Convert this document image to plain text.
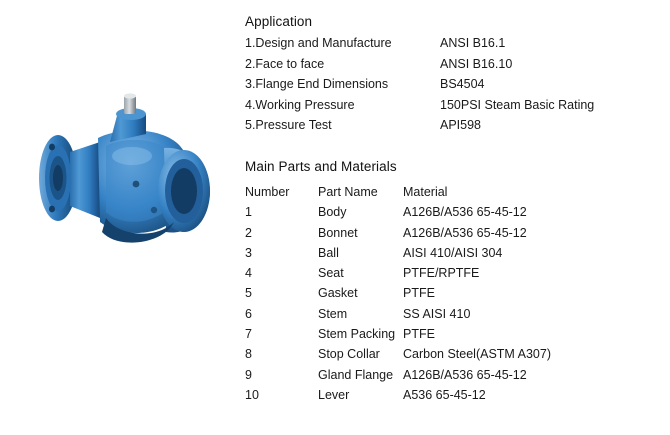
Application
1.Design and Manufacture	ANSI B16.1
2.Face to face	ANSI B16.10
3.Flange End Dimensions	BS4504
4.Working Pressure	150PSI Steam Basic Rating
5.Pressure Test	API598
Main Parts and Materials
Number	Part Name	Material
1	Body	A126B/A536 65-45-12
2	Bonnet	A126B/A536 65-45-12
3	Ball	AISI 410/AISI 304
4	Seat	PTFE/RPTFE
5	Gasket	PTFE
6	Stem	SS AISI 410
7	Stem Packing	PTFE
8	Stop Collar	Carbon Steel(ASTM A307)
9	Gland Flange	A126B/A536 65-45-12
10	Lever	A536 65-45-12
